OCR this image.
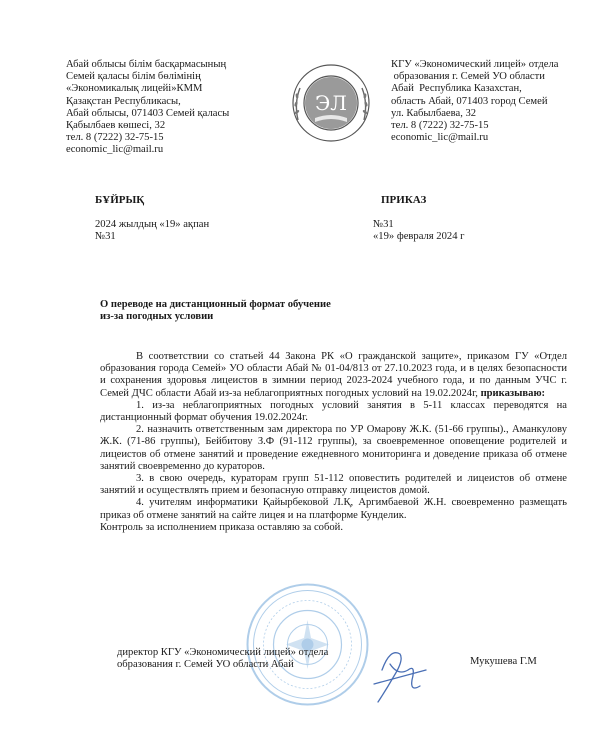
Абай облысы білім басқармасының
Семей қаласы білім бөлімінің
«Экономикалық лицейі»КММ
Қазақстан Республикасы,
Абай облысы, 071403 Семей қаласы
Қабылбаев көшесі, 32
тел. 8 (7222) 32-75-15
economic_lic@mail.ru
ЭЛ
КГУ «Экономический лицей» отдела
образования г. Семей УО области
Абай  Республика Казахстан,
область Абай, 071403 город Семей
ул. Кабылбаева, 32
тел. 8 (7222) 32-75-15
economic_lic@mail.ru
БҰЙРЫҚ	ПРИКАЗ
2024 жылдың «19» ақпан
№31
№31
«19» февраля 2024 г
О переводе на дистанционный формат обучение
из-за погодных условии

В соответствии со статьей 44 Закона РК «О гражданской защите», приказом ГУ «Отдел образования города Семей» УО области Абай № 01-04/813 от 27.10.2023 года, и в целях безопасности и сохранения здоровья лицеистов в зимнии период 2023-2024 учебного года, и по данным УЧС г. Семей ДЧС области Абай из-за неблагоприятных погодных условий на 19.02.2024г, приказываю:

1. из-за неблагоприятных погодных условий занятия в 5-11 классах переводятся на дистанционный формат обучения 19.02.2024г.

2. назначить ответственным зам директора по УР Омарову Ж.К. (51-66 группы)., Аманкулову Ж.К. (71-86 группы), Бейбитову З.Ф (91-112 группы), за своевременное оповещение родителей и лицеистов об отмене занятий и проведение ежедневного мониторинга и доведение приказа об отмене занятий своевременно до кураторов.

3. в свою очередь, кураторам групп 51-112 оповестить родителей и лицеистов об отмене занятий и осуществлять прием и безопасную отправку лицеистов домой.

4. учителям информатики Қайырбековой Л.Қ, Аргимбаевой Ж.Н. своевременно размещать приказ об отмене занятий на сайте лицея и на платформе Кунделик.

Контроль за исполнением приказа оставляю за собой.

директор КГУ «Экономический лицей» отдела
образования г. Семей УО области Абай	Мукушева Г.М
